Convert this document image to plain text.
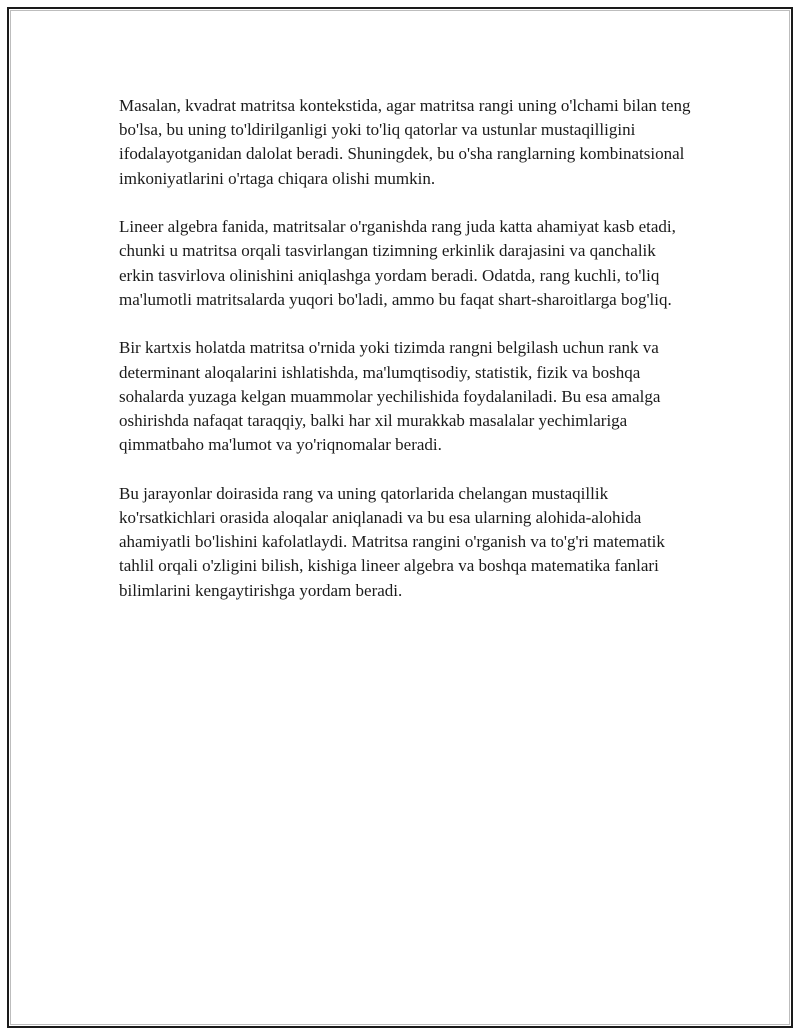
Masalan, kvadrat matritsa kontekstida, agar matritsa rangi uning o'lchami bilan teng bo'lsa, bu uning to'ldirilganligi yoki to'liq qatorlar va ustunlar mustaqilligini ifodalayotganidan dalolat beradi. Shuningdek, bu o'sha ranglarning kombinatsional imkoniyatlarini o'rtaga chiqara olishi mumkin.

Lineer algebra fanida, matritsalar o'rganishda rang juda katta ahamiyat kasb etadi, chunki u matritsa orqali tasvirlangan tizimning erkinlik darajasini va qanchalik erkin tasvirlova olinishini aniqlashga yordam beradi. Odatda, rang kuchli, to'liq ma'lumotli matritsalarda yuqori bo'ladi, ammo bu faqat shart-sharoitlarga bog'liq.

Bir kartxis holatda matritsa o'rnida yoki tizimda rangni belgilash uchun rank va determinant aloqalarini ishlatishda, ma'lumqtisodiy, statistik, fizik va boshqa sohalarda yuzaga kelgan muammolar yechilishida foydalaniladi. Bu esa amalga oshirishda nafaqat taraqqiy, balki har xil murakkab masalalar yechimlariga qimmatbaho ma'lumot va yo'riqnomalar beradi.

Bu jarayonlar doirasida rang va uning qatorlarida chelangan mustaqillik ko'rsatkichlari orasida aloqalar aniqlanadi va bu esa ularning alohida-alohida ahamiyatli bo'lishini kafolatlaydi. Matritsa rangini o'rganish va to'g'ri matematik tahlil orqali o'zligini bilish, kishiga lineer algebra va boshqa matematika fanlari bilimlarini kengaytirishga yordam beradi.
